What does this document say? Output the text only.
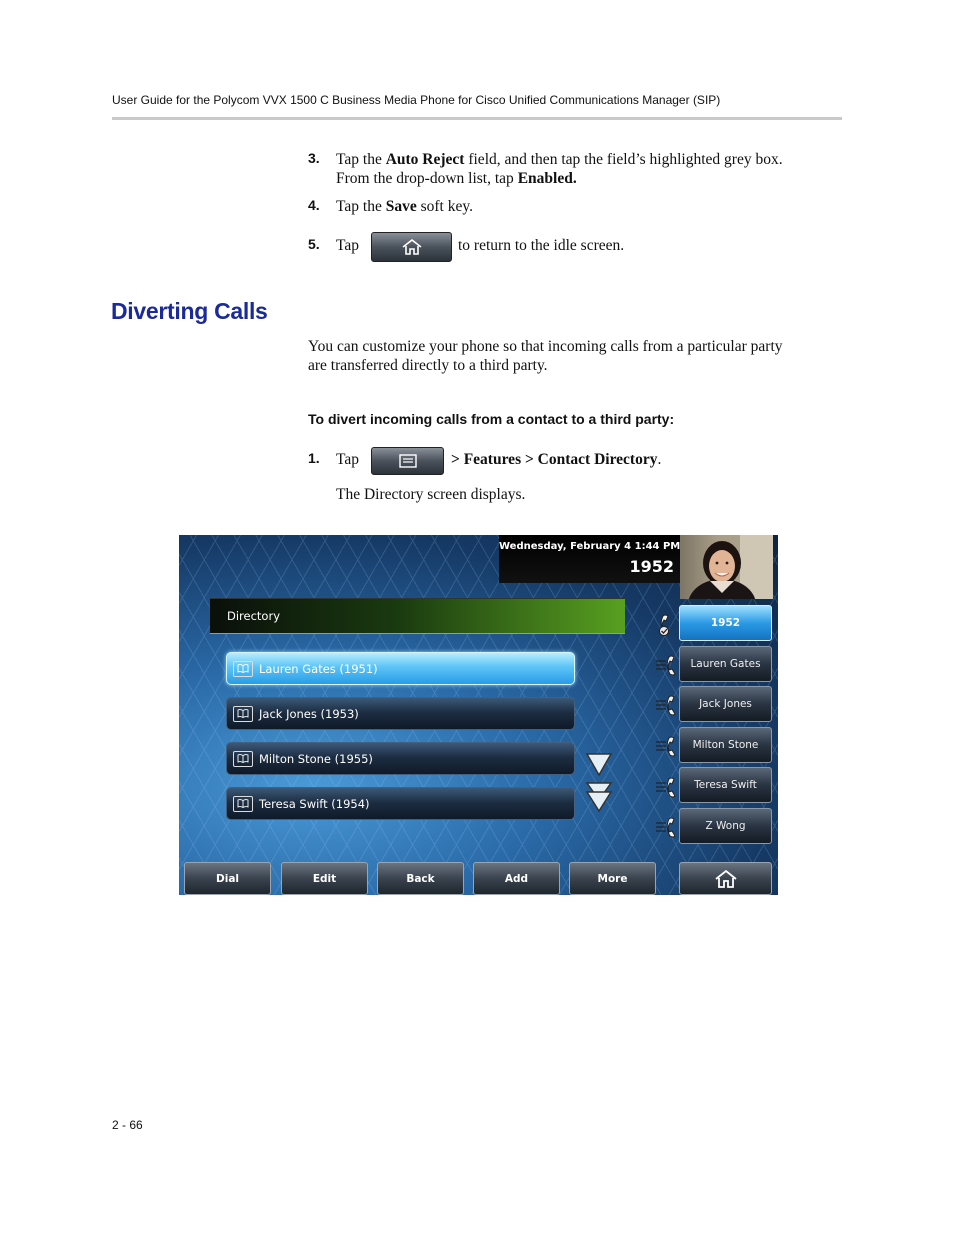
User Guide for the Polycom VVX 1500 C Business Media Phone for Cisco Unified Communications Manager (SIP)
3. Tap the Auto Reject field, and then tap the field’s highlighted grey box.
From the drop-down list, tap Enabled.
4. Tap the Save soft key.
5. Tap	to return to the idle screen.
Diverting Calls
You can customize your phone so that incoming calls from a particular party
are transferred directly to a third party.
To divert incoming calls from a contact to a third party:
1. Tap	> Features > Contact Directory.
The Directory screen displays.
Wednesday, February 4 1:44 PM
1952
Directory
Lauren Gates (1951)
Jack Jones (1953)
Milton Stone (1955)
Teresa Swift (1954)
1952
Lauren Gates
Jack Jones
Milton Stone
Teresa Swift
Z Wong
Dial	Edit	Back	Add	More
2 - 66
